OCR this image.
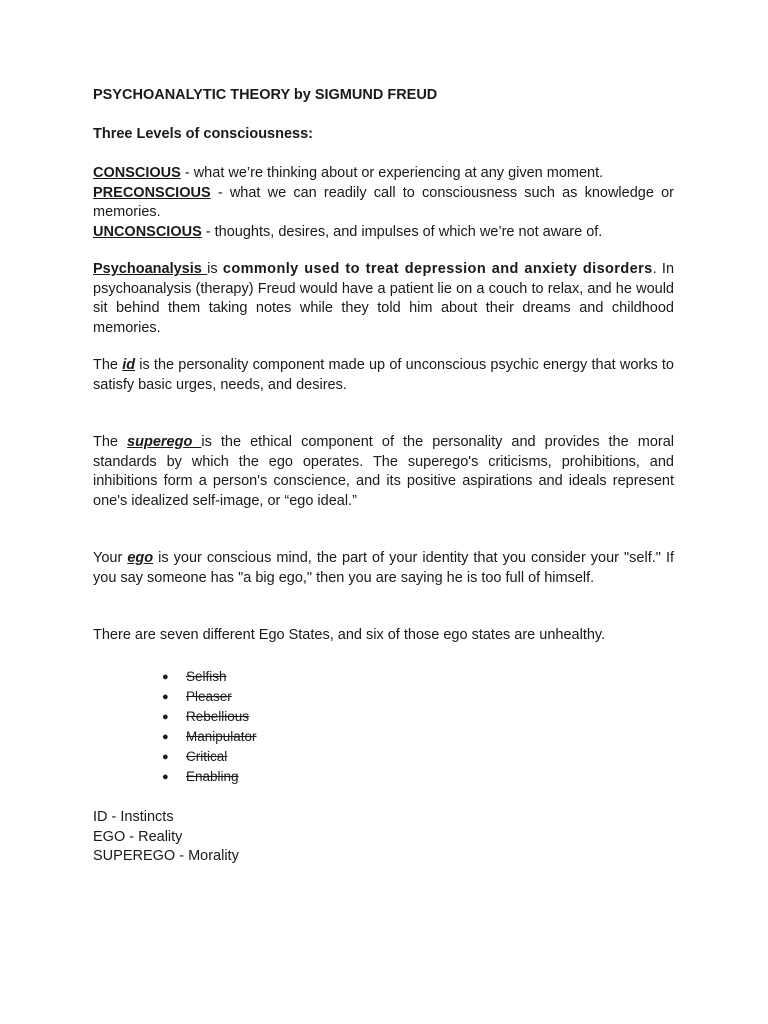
PSYCHOANALYTIC THEORY by SIGMUND FREUD
Three Levels of consciousness:
CONSCIOUS - what we’re thinking about or experiencing at any given moment.
PRECONSCIOUS - what we can readily call to consciousness such as knowledge or memories.
UNCONSCIOUS - thoughts, desires, and impulses of which we’re not aware of.
Psychoanalysis is commonly used to treat depression and anxiety disorders. In psychoanalysis (therapy) Freud would have a patient lie on a couch to relax, and he would sit behind them taking notes while they told him about their dreams and childhood memories.
The id is the personality component made up of unconscious psychic energy that works to satisfy basic urges, needs, and desires.
The superego is the ethical component of the personality and provides the moral standards by which the ego operates. The superego's criticisms, prohibitions, and inhibitions form a person's conscience, and its positive aspirations and ideals represent one's idealized self-image, or “ego ideal.”
Your ego is your conscious mind, the part of your identity that you consider your "self." If you say someone has "a big ego," then you are saying he is too full of himself.
There are seven different Ego States, and six of those ego states are unhealthy.
● Selfish
● Pleaser
● Rebellious
● Manipulator
● Critical
● Enabling
ID - Instincts
EGO - Reality
SUPEREGO - Morality
